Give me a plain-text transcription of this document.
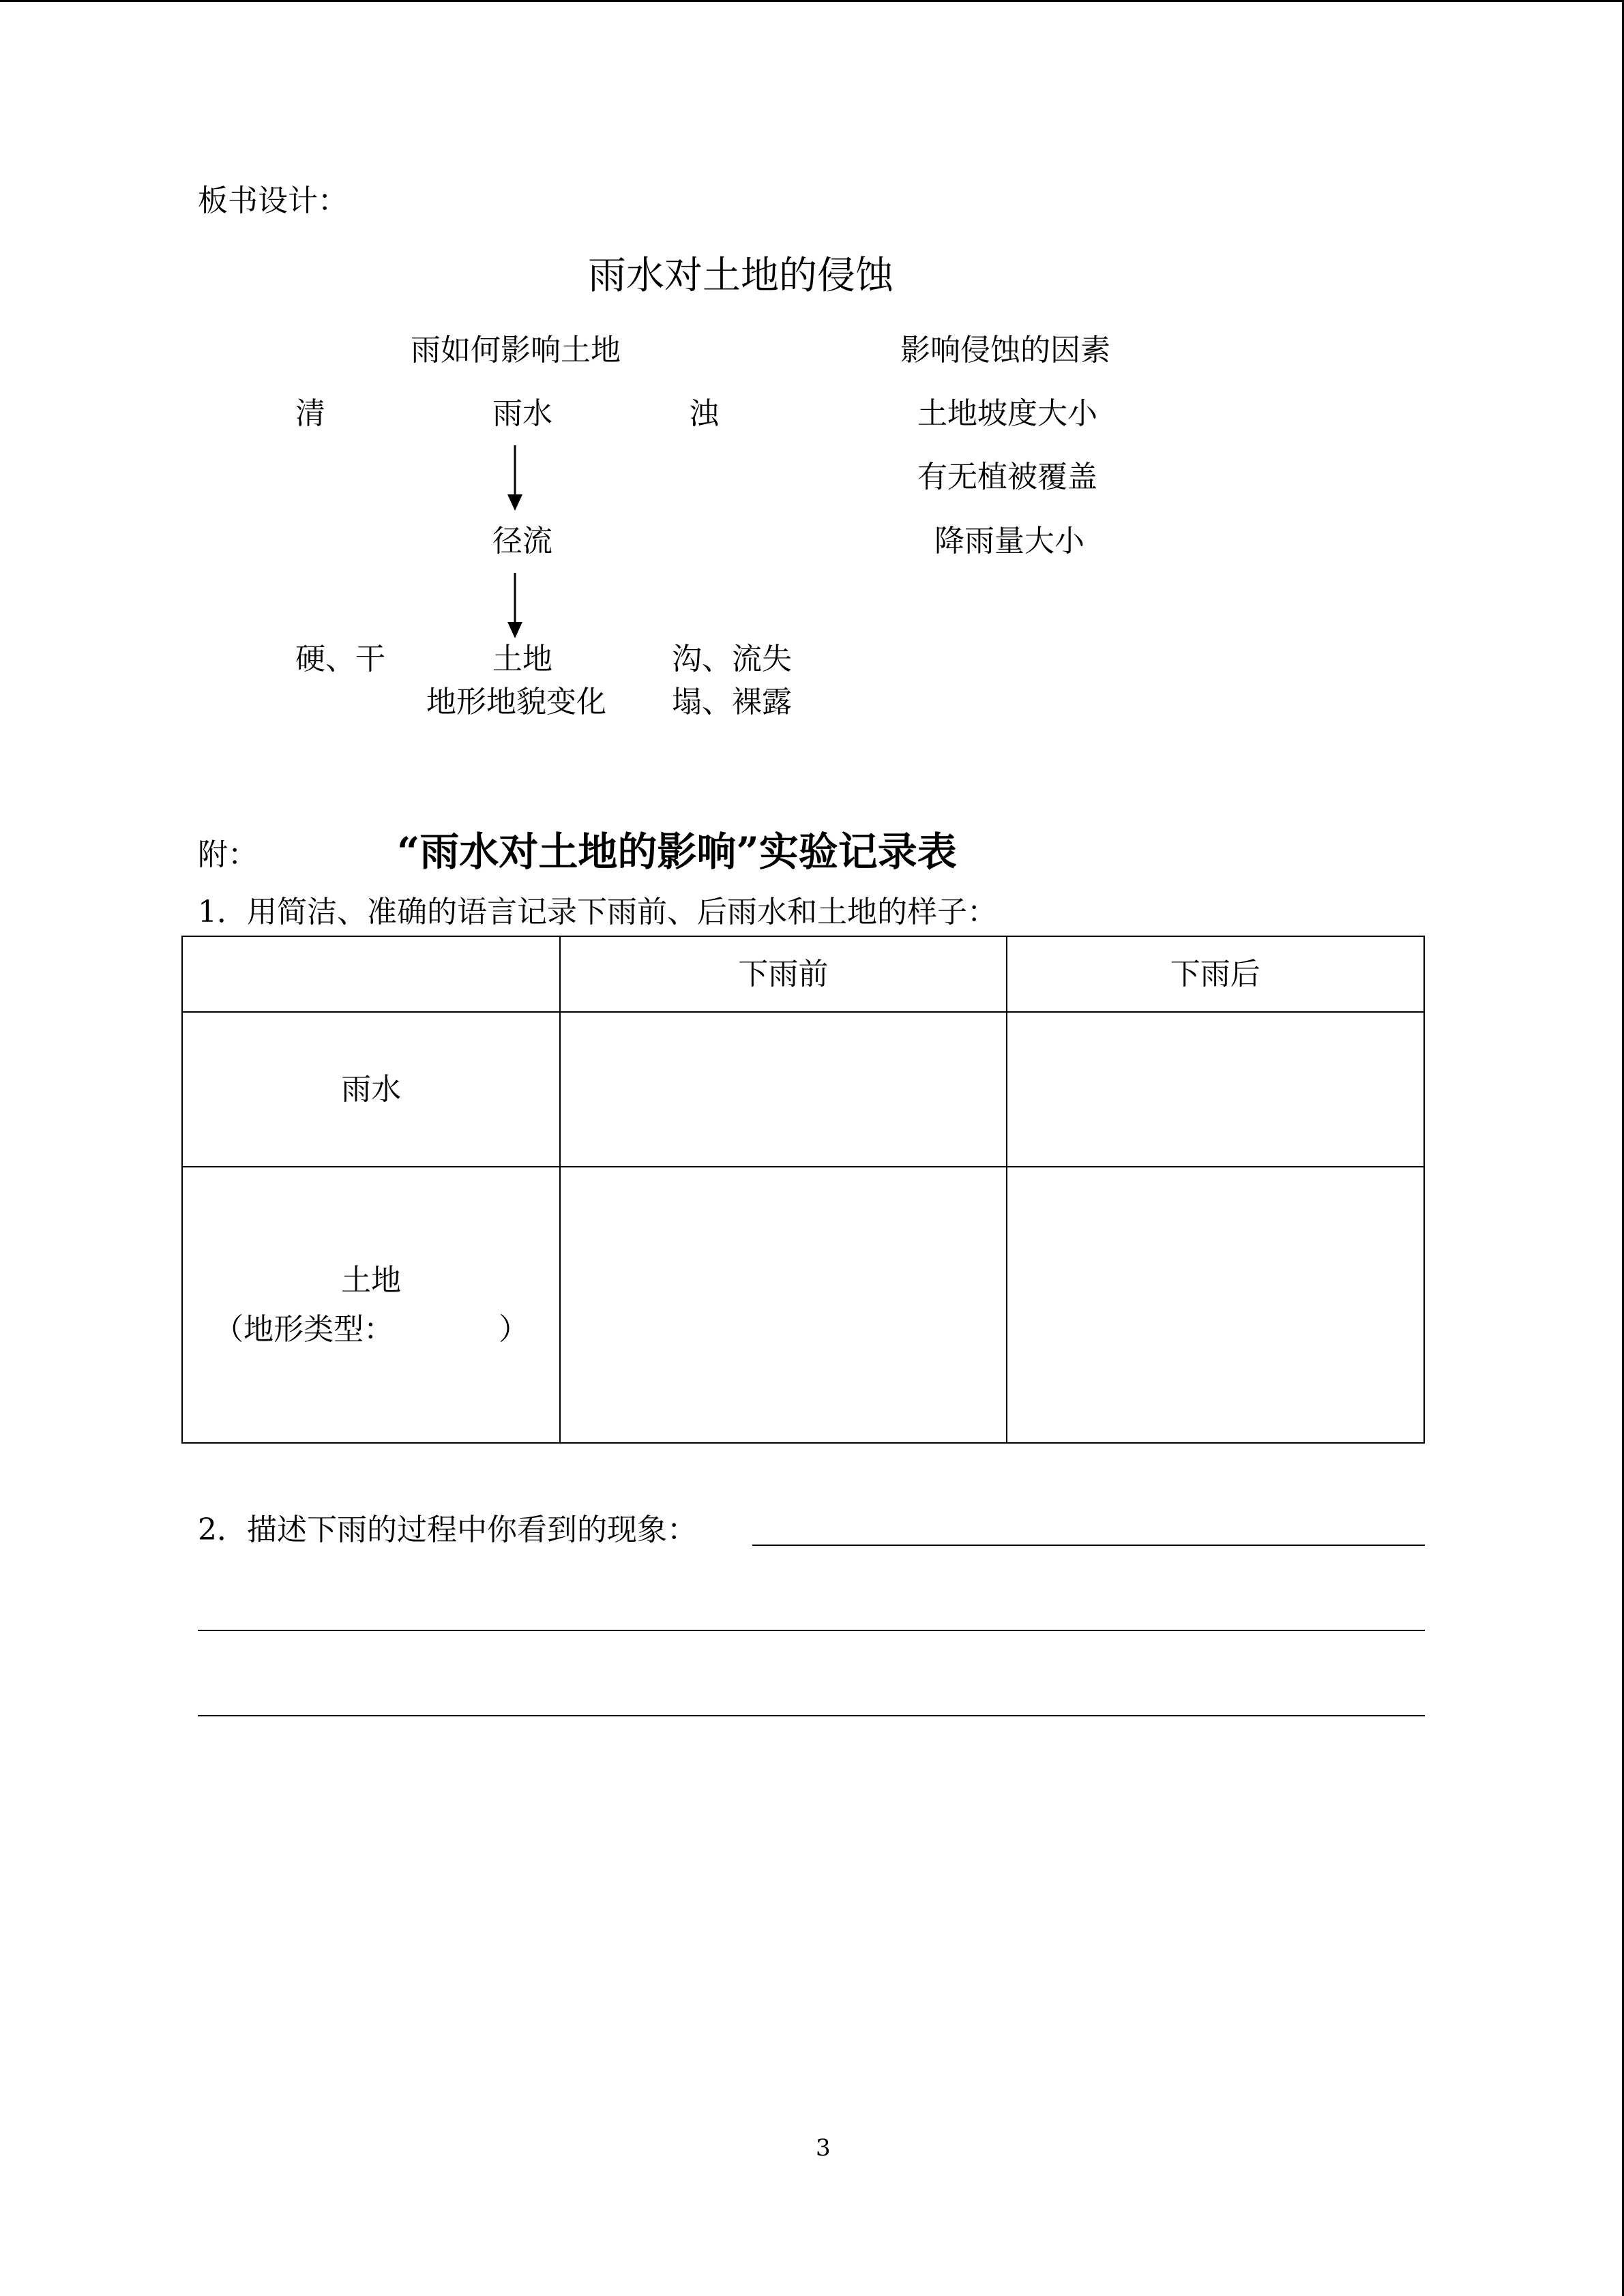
板书设计：
雨水对土地的侵蚀
雨如何影响土地	影响侵蚀的因素
清	雨水	浊	土地坡度大小
有无植被覆盖
降雨量大小
径流
硬、干	土地	沟、流失
地形地貌变化 塌、裸露
附：	“雨水对土地的影响”实验记录表
1．用简洁、准确的语言记录下雨前、后雨水和土地的样子：
	下雨前	下雨后
雨水		

土地
（地形类型：　　　　）		

2．描述下雨的过程中你看到的现象：
3
